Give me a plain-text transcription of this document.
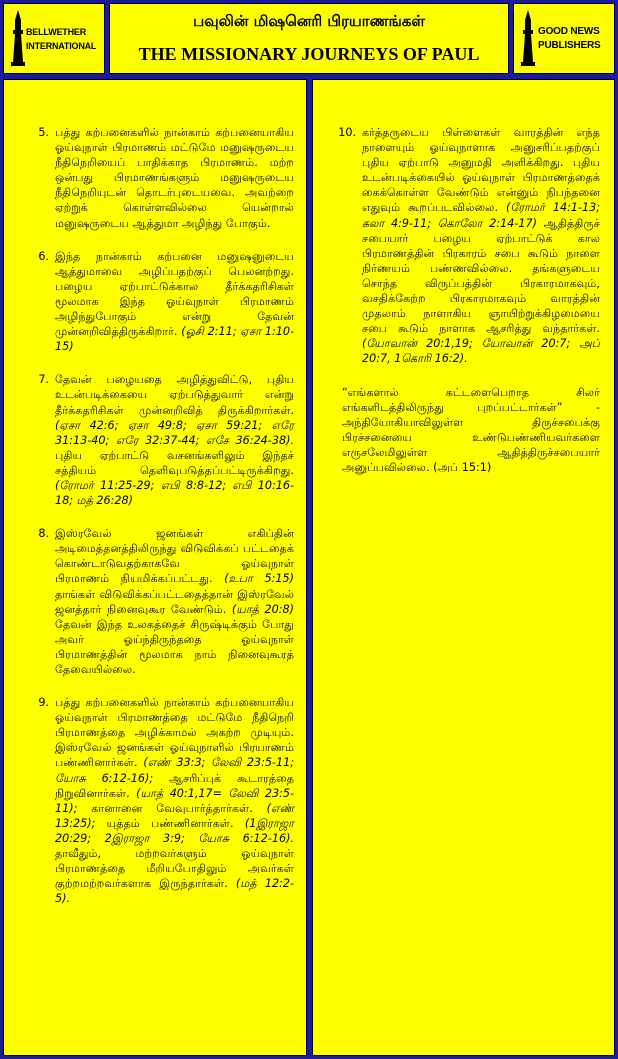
BELLWETHER
INTERNATIONAL
பவுலின் மிஷனெரி பிரயாணங்கள்
THE MISSIONARY JOURNEYS OF PAUL
GOOD NEWS
PUBLISHERS
5. பத்து கற்பனைகளில் நான்காம் கற்பனையாகிய ஓய்வுநாள் பிரமாணம் மட்டுமே மனுஷருடைய நீதிநெறியைப் பாதிக்காத பிரமாணம். மற்ற ஒன்பது பிரமாணங்களும் மனுஷருடைய நீதிநெறியுடன் தொடர்புடையவை. அவற்றை ஏற்றுக் கொள்ளவில்லை யென்றால் மனுஷருடைய ஆத்துமா அழிந்து போகும்.
6. இந்த நான்காம் கற்பனை மனுஷனுடைய ஆத்துமாவை அழிப்பதற்குப் பெலனற்றது. பழைய ஏற்பாட்டுக்கால தீர்க்கதரிசிகள் மூலமாக இந்த ஓய்வுநாள் பிரமாணம் அழிந்துபோகும் என்று தேவன் முன்னறிவித்திருக்கிறார். (ஓசி 2:11; ஏசா 1:10-15)
7. தேவன் பழையதை அழித்துவிட்டு, புதிய உடன்படிக்கையை ஏற்படுத்துவார் என்று தீர்க்கதரிசிகள் முன்னறிவித் திருக்கிறார்கள். (ஏசா 42:6; ஏசா 49:8; ஏசா 59:21; எரே 31:13-40; எரே 32:37-44; எசே 36:24-38). புதிய ஏற்பாட்டு வசனங்களிலும் இந்தச் சத்தியம் தெளிவுபடுத்தப்பட்டிருக்கிறது. (ரோமர் 11:25-29; எபி 8:8-12; எபி 10:16-18; மத் 26:28)
8. இஸ்ரவேல் ஜனங்கள் எகிப்தின் அடிமைத்தனத்திலிருந்து விடுவிக்கப் பட்டதைக் கொண்டாடுவதற்காகவே ஓய்வுநாள் பிரமாணம் நியமிக்கப்பட்டது. (உபா 5:15) தாங்கள் விடுவிக்கப்பட்டதைத்தான் இஸ்ரவேல் ஜனத்தார் நினைவுகூர வேண்டும். (யாத் 20:8) தேவன் இந்த உலகத்தைச் சிருஷ்டிக்கும் போது அவர் ஓய்ந்திருந்ததை ஓய்வுநாள் பிரமாணத்தின் மூலமாக நாம் நினைவுகூரத் தேவையில்லை.
9. பத்து கற்பனைகளில் நான்காம் கற்பனையாகிய ஓய்வுநாள் பிரமாணத்தை மட்டுமே நீதிநெறி பிரமாணத்தை அழிக்காமல் அகற்ற முடியும். இஸ்ரவேல் ஜனங்கள் ஓய்வுநாளில் பிரயாணம் பண்ணினார்கள். (எண் 33:3; லேவி 23:5-11; யோசு 6:12-16); ஆசரிப்புக் கூடாரத்தை நிறுவினார்கள். (யாத் 40:1,17= லேவி 23:5-11); கானானை வேவுபார்த்தார்கள். (எண் 13:25); யுத்தம் பண்ணினார்கள். (1இராஜா 20:29; 2இராஜா 3:9; யோசு 6:12-16). தாவீதும், மற்றவர்களும் ஓய்வுநாள் பிரமாணத்தை மீறியபோதிலும் அவர்கள் குற்றமற்றவர்களாக இருந்தார்கள். (மத் 12:2-5).
10. கர்த்தருடைய பிள்ளைகள் வாரத்தின் எந்த நாளையும் ஓய்வுநாளாக அனுசரிப்பதற்குப் புதிய ஏற்பாடு அனுமதி அளிக்கிறது. புதிய உடன்படிக்கையில் ஓய்வுநாள் பிரமாணத்தைக் கைக்கொள்ள வேண்டும் என்னும் நிபந்தனை எதுவும் கூறப்படவில்லை. (ரோமர் 14:1-13; கலா 4:9-11; கொலோ 2:14-17) ஆதித்திருச் சபையார் பழைய ஏற்பாட்டுக் கால பிரமாணத்தின் பிரகாரம் சபை கூடும் நாளை நிர்ணயம் பண்ணவில்லை. தங்களுடைய சொந்த விருப்பத்தின் பிரகாரமாகவும், வசதிக்கேற்ற பிரகாரமாகவும் வாரத்தின் முதலாம் நாளாகிய ஞாயிற்றுக்கிழமையை சபை கூடும் நாளாக ஆசரித்து வந்தார்கள். (யோவான் 20:1,19; யோவான் 20:7; அப் 20:7, 1கொரி 16:2).
“எங்களால் கட்டளைபெறாத சிலர் எங்களிடத்திலிருந்து புறப்பட்டார்கள்” - அந்தியோகியாவிலுள்ள திருச்சபைக்கு பிரச்சனையை உண்டுபண்ணியவர்களை எருசலேமிலுள்ள ஆதித்திருச்சபையார் அனுப்பவில்லை. (அப் 15:1)
